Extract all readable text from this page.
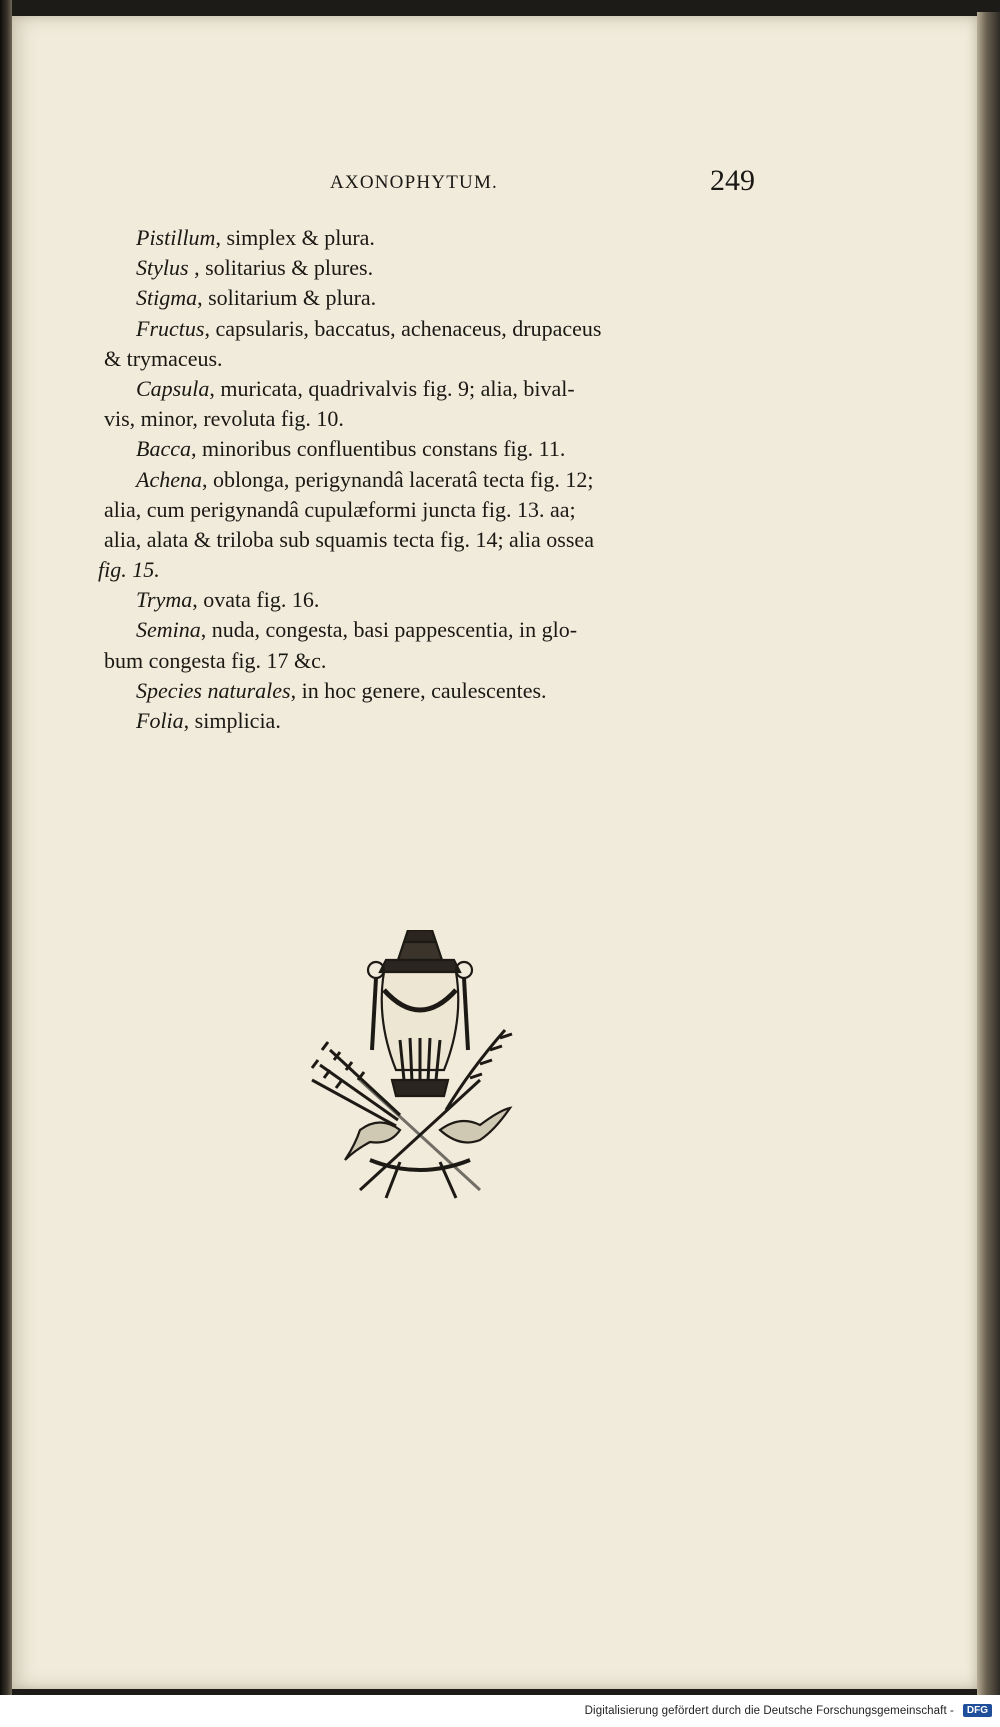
AXONOPHYTUM.	249
Pistillum, simplex & plura.
Stylus , solitarius & plures.
Stigma, solitarium & plura.
Fructus, capsularis, baccatus, achenaceus, drupaceus
& trymaceus.
Capsula, muricata, quadrivalvis fig. 9; alia, bival-
vis, minor, revoluta fig. 10.
Bacca, minoribus confluentibus constans fig. 11.
Achena, oblonga, perigynandâ laceratâ tecta fig. 12;
alia, cum perigynandâ cupulæformi juncta fig. 13. aa;
alia, alata & triloba sub squamis tecta fig. 14; alia ossea
fig. 15.
Tryma, ovata fig. 16.
Semina, nuda, congesta, basi pappescentia, in glo-
bum congesta fig. 17 &c.
Species naturales, in hoc genere, caulescentes.
Folia, simplicia.
Digitalisierung gefördert durch die Deutsche Forschungsgemeinschaft -	DFG
